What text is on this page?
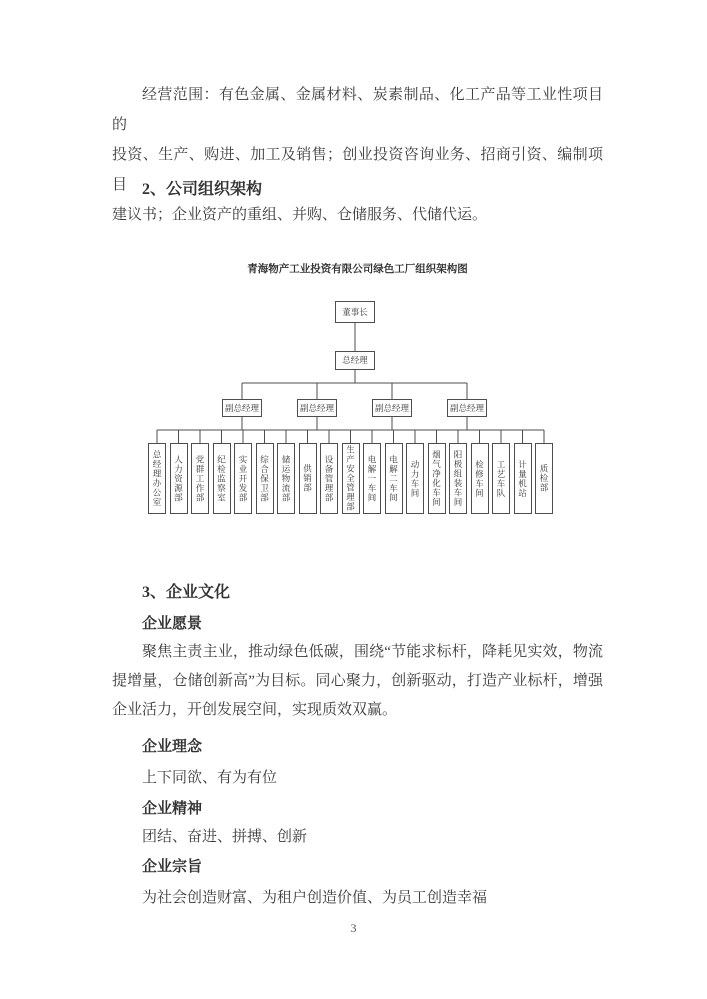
经营范围：有色金属、金属材料、炭素制品、化工产品等工业性项目的
投资、生产、购进、加工及销售；创业投资咨询业务、招商引资、编制项目
建议书；企业资产的重组、并购、仓储服务、代储代运。
2、公司组织架构
青海物产工业投资有限公司绿色工厂组织架构图
董事长
总经理
副总经理	副总经理	副总经理	副总经理
总经理办公室	人力资源部	党群工作部	纪检监察室	实业开发部	综合保卫部	储运物流部	供销部	设备管理部	生产安全管理部	电解一车间	电解二车间	动力车间	烟气净化车间	阳极组装车间	检修车间	工艺车队	计量机站	质检部
3、企业文化
企业愿景
聚焦主责主业，推动绿色低碳，围绕“节能求标杆，降耗见实效，物流
提增量，仓储创新高”为目标。同心聚力，创新驱动，打造产业标杆，增强
企业活力，开创发展空间，实现质效双赢。
企业理念
上下同欲、有为有位
企业精神
团结、奋进、拼搏、创新
企业宗旨
为社会创造财富、为租户创造价值、为员工创造幸福
3
